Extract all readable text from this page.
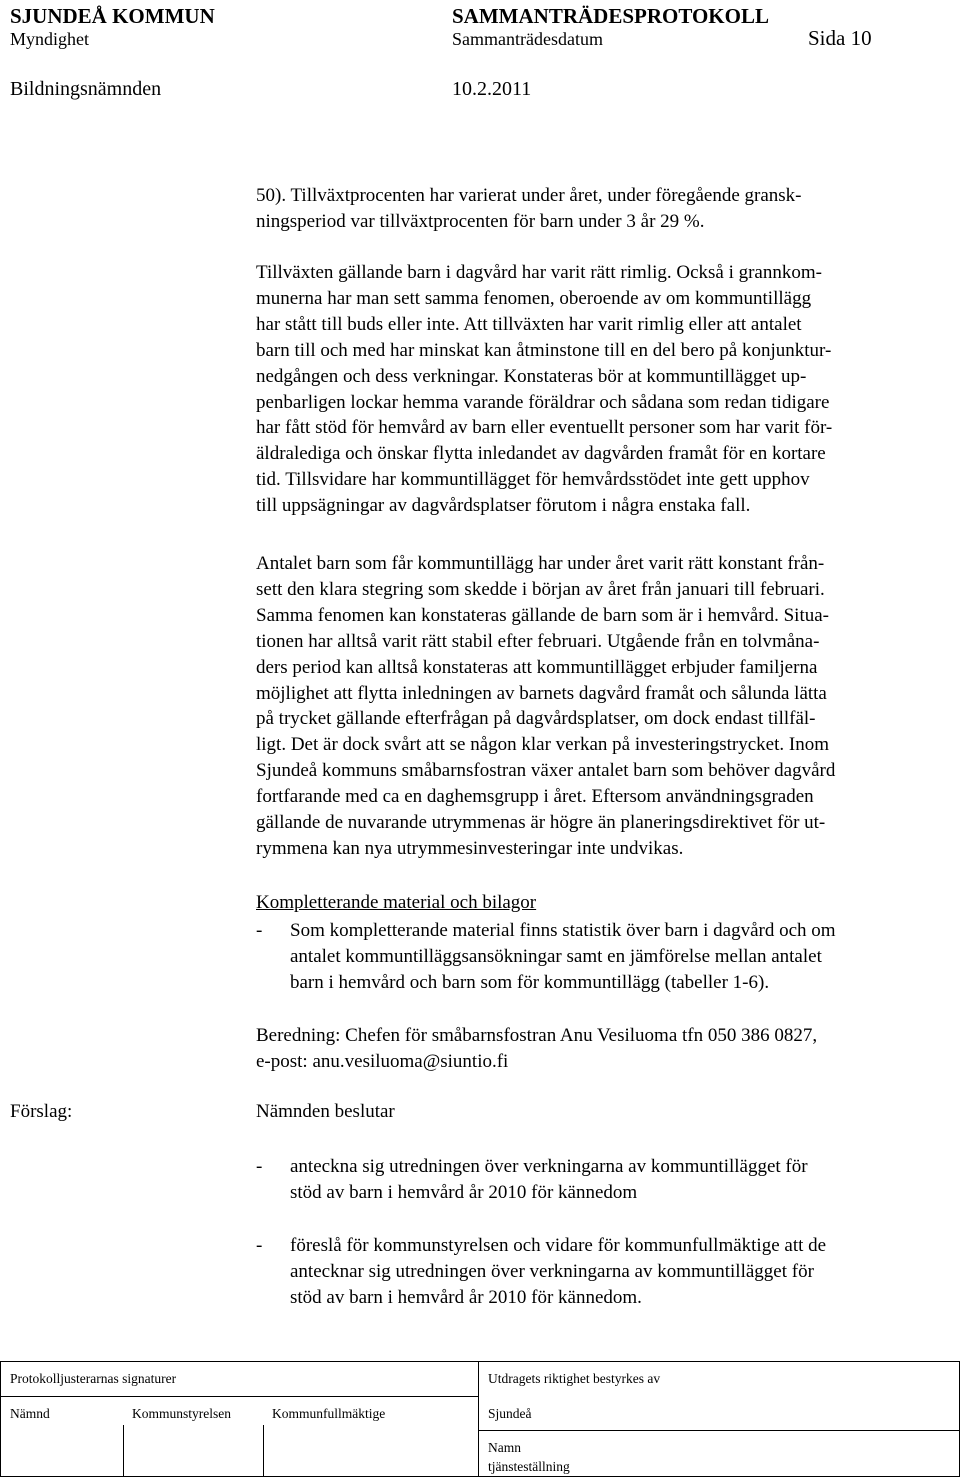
SJUNDEÅ KOMMUN	SAMMANTRÄDESPROTOKOLL
Myndighet	Sammanträdesdatum	Sida 10
Bildningsnämnden	10.2.2011
50). Tillväxtprocenten har varierat under året, under föregående gransk-
ningsperiod var tillväxtprocenten för barn under 3 år 29 %.
Tillväxten gällande barn i dagvård har varit rätt rimlig. Också i grannkom-
munerna har man sett samma fenomen, oberoende av om kommuntillägg
har stått till buds eller inte. Att tillväxten har varit rimlig eller att antalet
barn till och med har minskat kan åtminstone till en del bero på konjunktur-
nedgången och dess verkningar. Konstateras bör at kommuntillägget up-
penbarligen lockar hemma varande föräldrar och sådana som redan tidigare
har fått stöd för hemvård av barn eller eventuellt personer som har varit för-
äldralediga och önskar flytta inledandet av dagvården framåt för en kortare
tid. Tillsvidare har kommuntillägget för hemvårdsstödet inte gett upphov
till uppsägningar av dagvårdsplatser förutom i några enstaka fall.
Antalet barn som får kommuntillägg har under året varit rätt konstant från-
sett den klara stegring som skedde i början av året från januari till februari.
Samma fenomen kan konstateras gällande de barn som är i hemvård. Situa-
tionen har alltså varit rätt stabil efter februari. Utgående från en tolvmåna-
ders period kan alltså konstateras att kommuntillägget erbjuder familjerna
möjlighet att flytta inledningen av barnets dagvård framåt och sålunda lätta
på trycket gällande efterfrågan på dagvårdsplatser, om dock endast tillfäl-
ligt. Det är dock svårt att se någon klar verkan på investeringstrycket. Inom
Sjundeå kommuns småbarnsfostran växer antalet barn som behöver dagvård
fortfarande med ca en daghemsgrupp i året. Eftersom användningsgraden
gällande de nuvarande utrymmenas är högre än planeringsdirektivet för ut-
rymmena kan nya utrymmesinvesteringar inte undvikas.
Kompletterande material och bilagor
- Som kompletterande material finns statistik över barn i dagvård och om
antalet kommuntilläggsansökningar samt en jämförelse mellan antalet
barn i hemvård och barn som för kommuntillägg (tabeller 1-6).
Beredning: Chefen för småbarnsfostran Anu Vesiluoma tfn 050 386 0827,
e-post: anu.vesiluoma@siuntio.fi
Förslag:	Nämnden beslutar
- anteckna sig utredningen över verkningarna av kommuntillägget för
stöd av barn i hemvård år 2010 för kännedom
- föreslå för kommunstyrelsen och vidare för kommunfullmäktige att de
antecknar sig utredningen över verkningarna av kommuntillägget för
stöd av barn i hemvård år 2010 för kännedom.
Protokolljusterarnas signaturer	Utdragets riktighet bestyrkes av
Nämnd	Kommunstyrelsen	Kommunfullmäktige	Sjundeå
Namn
tjänsteställning
